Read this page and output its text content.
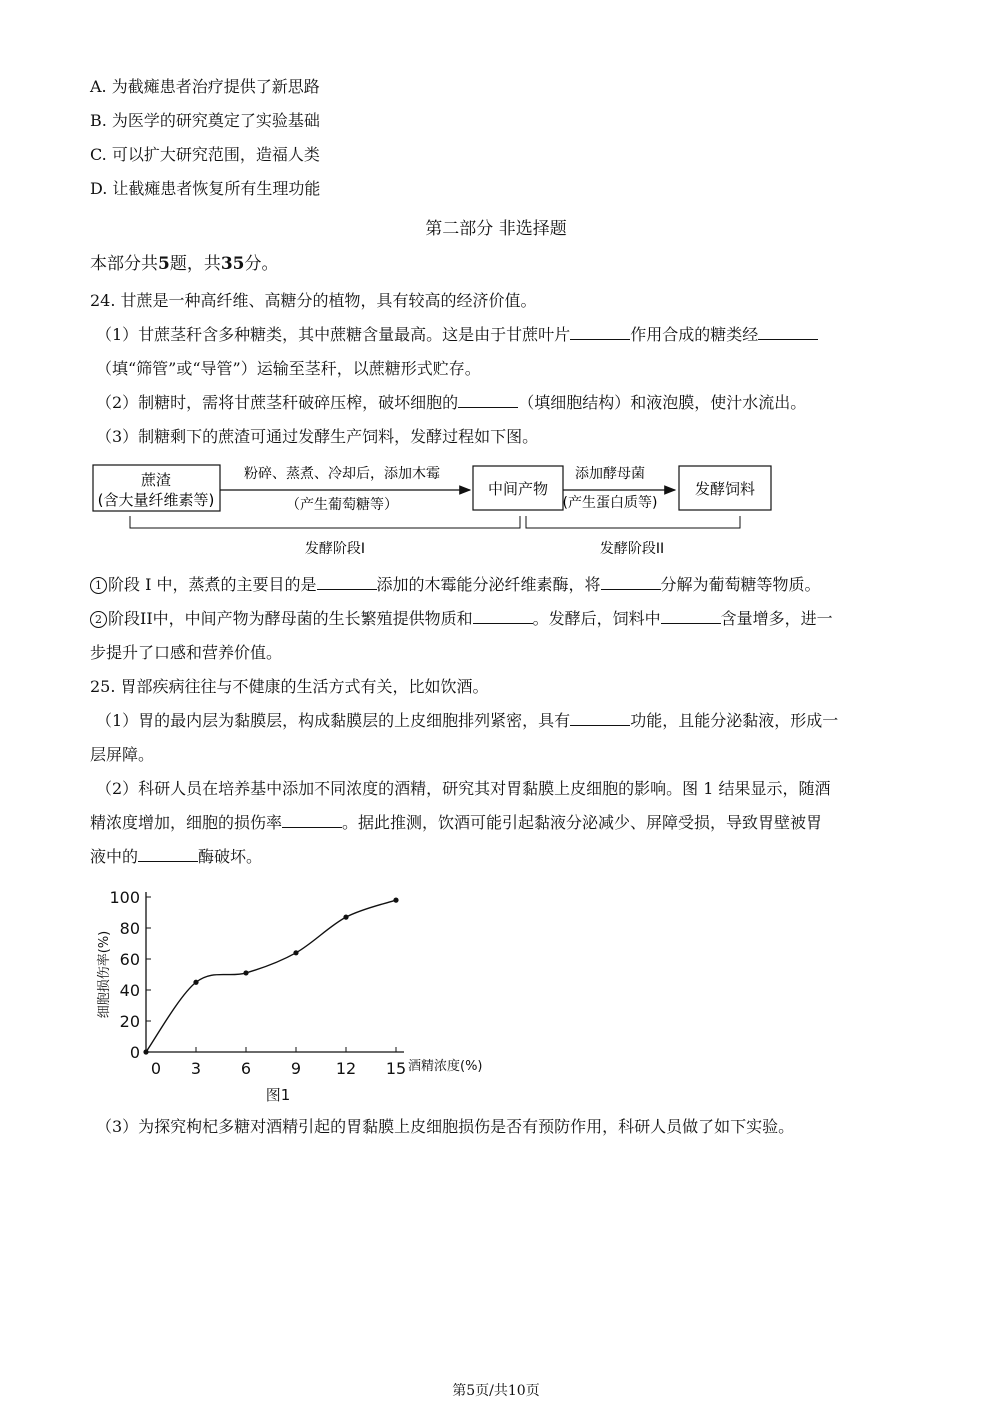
A. 为截瘫患者治疗提供了新思路
B. 为医学的研究奠定了实验基础
C. 可以扩大研究范围，造福人类
D. 让截瘫患者恢复所有生理功能
第二部分 非选择题
本部分共5题，共35分。
24. 甘蔗是一种高纤维、高糖分的植物，具有较高的经济价值。
（1）甘蔗茎秆含多种糖类，其中蔗糖含量最高。这是由于甘蔗叶片	作用合成的糖类经
（填“筛管”或“导管”）运输至茎秆，以蔗糖形式贮存。
（2）制糖时，需将甘蔗茎秆破碎压榨，破坏细胞的	（填细胞结构）和液泡膜，使汁水流出。
（3）制糖剩下的蔗渣可通过发酵生产饲料，发酵过程如下图。
蔗渣
(含大量纤维素等)
粉碎、蒸煮、冷却后，添加木霉
（产生葡萄糖等）
中间产物
添加酵母菌
(产生蛋白质等)
发酵饲料
发酵阶段I	发酵阶段II
1 阶段 I 中，蒸煮的主要目的是	添加的木霉能分泌纤维素酶，将	分解为葡萄糖等物质。
2 阶段II中，中间产物为酵母菌的生长繁殖提供物质和	。发酵后，饲料中	含量增多，进一
步提升了口感和营养价值。
25. 胃部疾病往往与不健康的生活方式有关，比如饮酒。
（1）胃的最内层为黏膜层，构成黏膜层的上皮细胞排列紧密，具有	功能，且能分泌黏液，形成一
层屏障。
（2）科研人员在培养基中添加不同浓度的酒精，研究其对胃黏膜上皮细胞的影响。图 1 结果显示，随酒
精浓度增加，细胞的损伤率	。据此推测，饮酒可能引起黏液分泌减少、屏障受损，导致胃壁被胃
液中的	酶破坏。
0
20
40
60
80
100
0 3 6 9 12 15 酒精浓度(%)
细胞损伤率(%)
图1
（3）为探究枸杞多糖对酒精引起的胃黏膜上皮细胞损伤是否有预防作用，科研人员做了如下实验。
第5页/共10页
